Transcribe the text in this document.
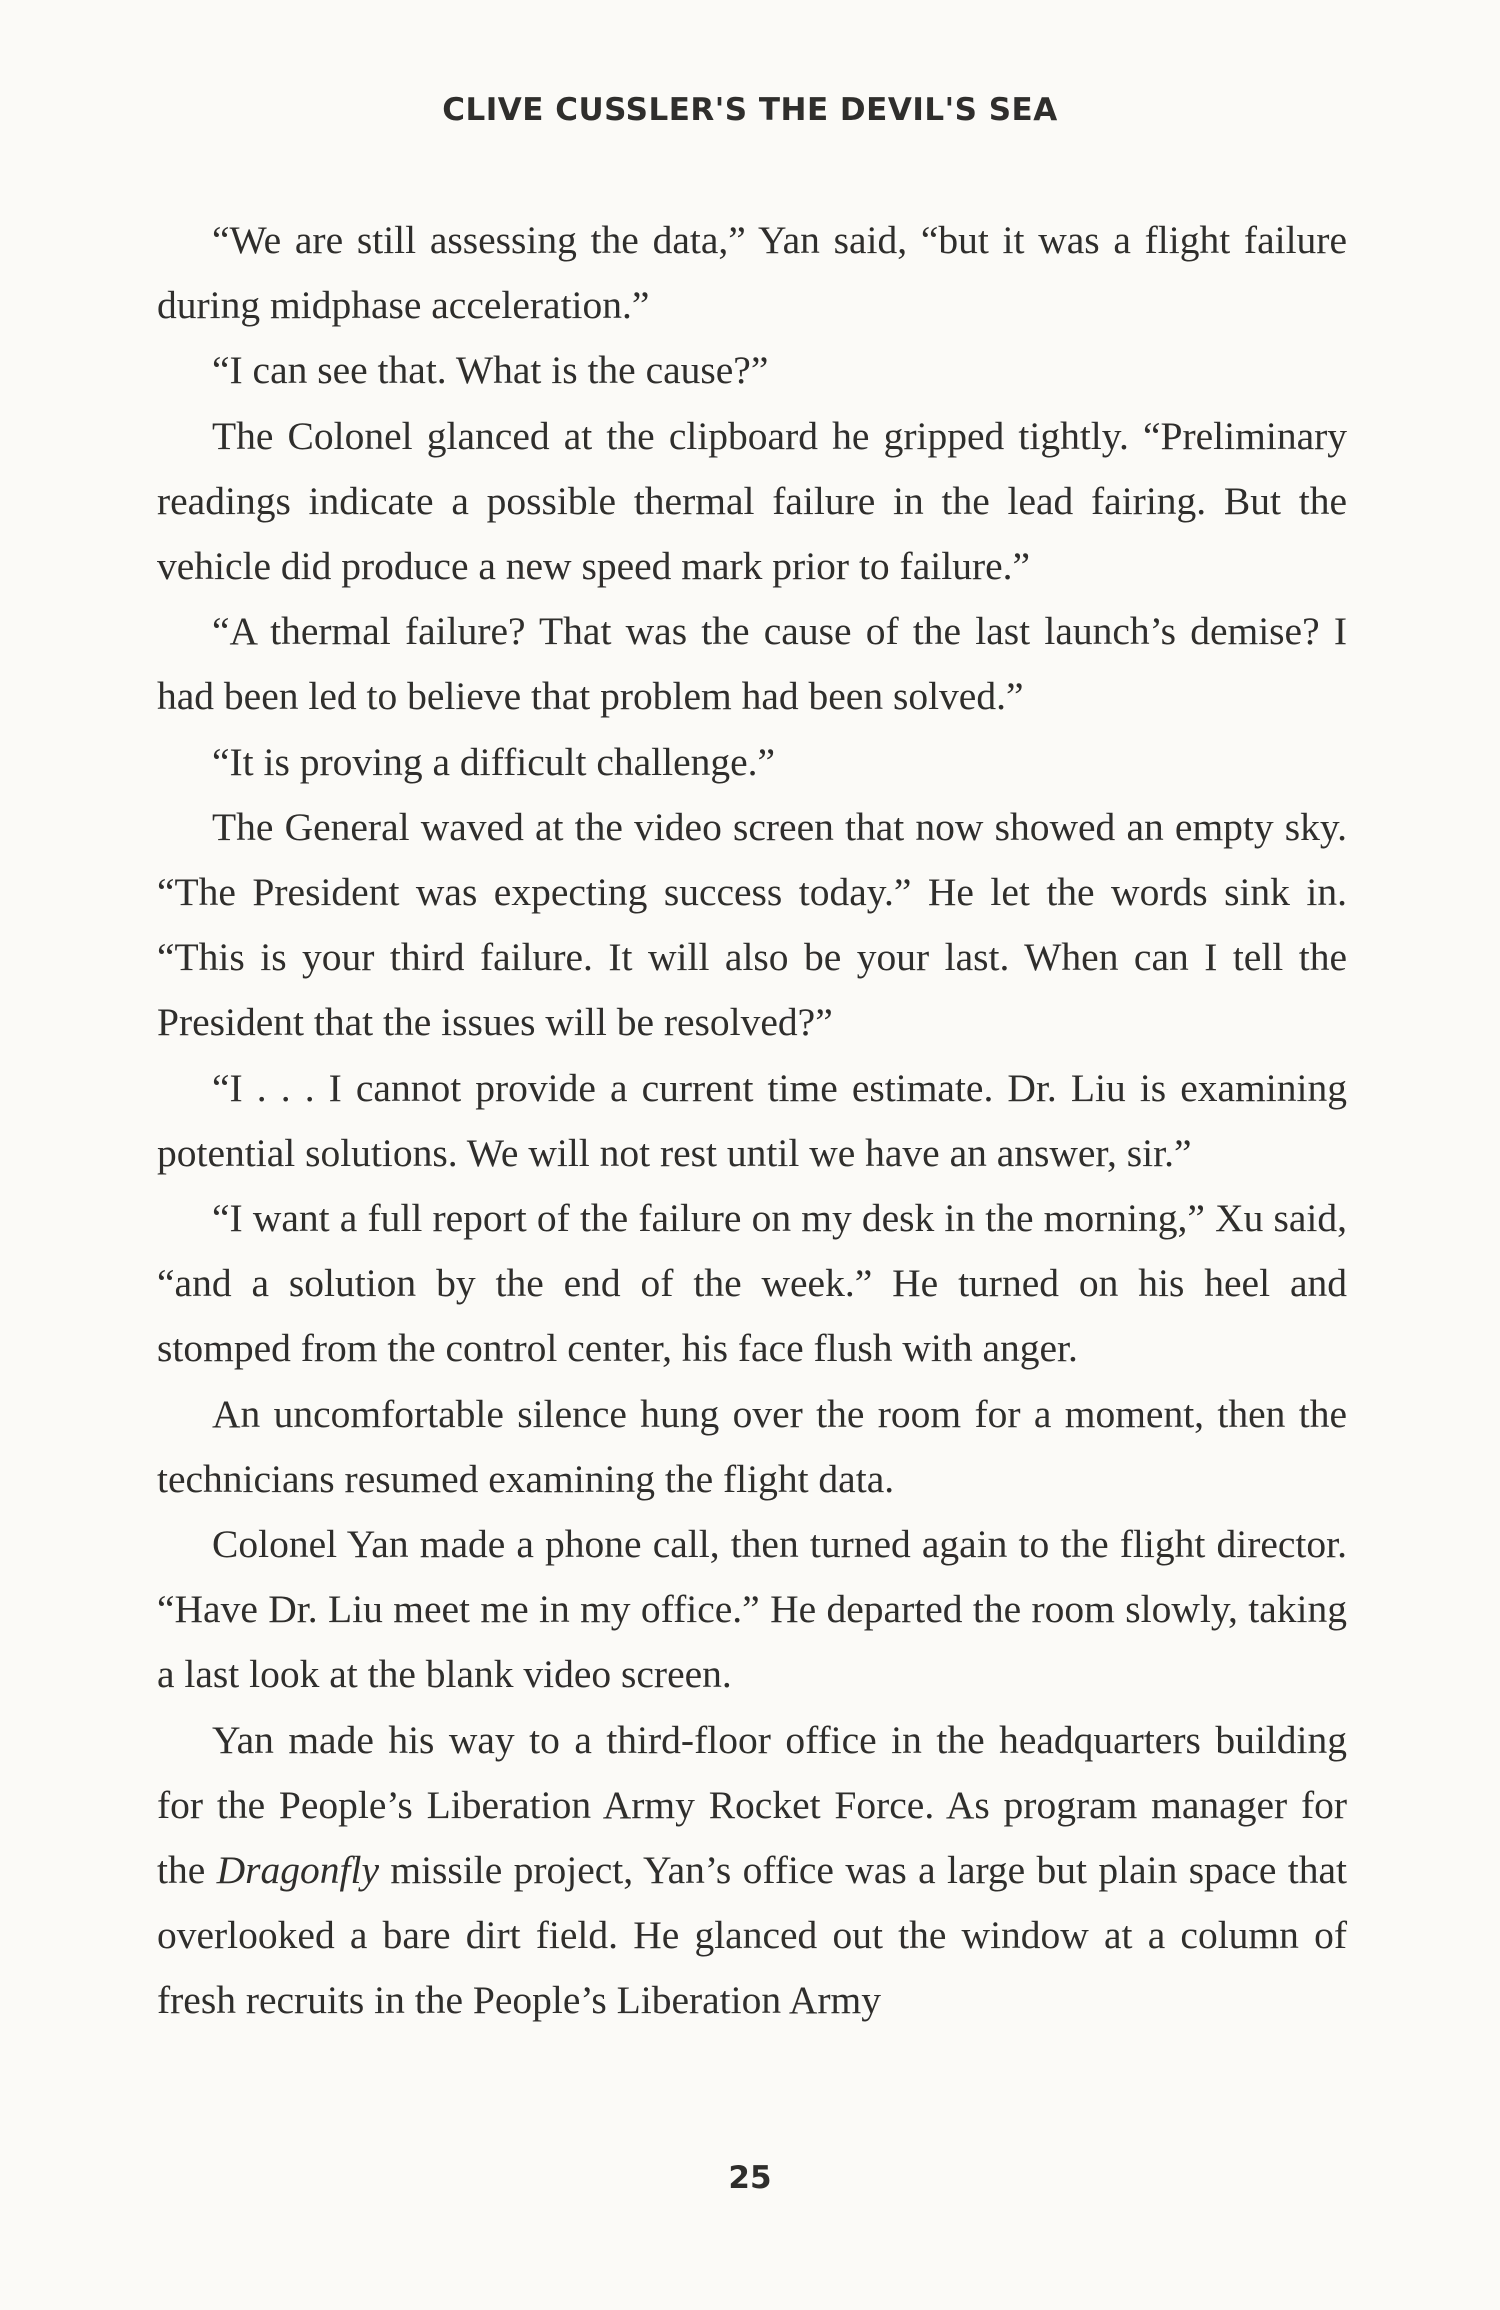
CLIVE CUSSLER'S THE DEVIL'S SEA

“We are still assessing the data,” Yan said, “but it was a flight failure during midphase acceleration.”

“I can see that. What is the cause?”

The Colonel glanced at the clipboard he gripped tightly. “Preliminary readings indicate a possible thermal failure in the lead fairing. But the vehicle did produce a new speed mark prior to failure.”

“A thermal failure? That was the cause of the last launch’s demise? I had been led to believe that problem had been solved.”

“It is proving a difficult challenge.”

The General waved at the video screen that now showed an empty sky. “The President was expecting success today.” He let the words sink in. “This is your third failure. It will also be your last. When can I tell the President that the issues will be resolved?”

“I . . . I cannot provide a current time estimate. Dr. Liu is examining potential solutions. We will not rest until we have an answer, sir.”

“I want a full report of the failure on my desk in the morning,” Xu said, “and a solution by the end of the week.” He turned on his heel and stomped from the control center, his face flush with anger.

An uncomfortable silence hung over the room for a moment, then the technicians resumed examining the flight data.

Colonel Yan made a phone call, then turned again to the flight director. “Have Dr. Liu meet me in my office.” He departed the room slowly, taking a last look at the blank video screen.

Yan made his way to a third-floor office in the headquarters building for the People’s Liberation Army Rocket Force. As program manager for the Dragonfly missile project, Yan’s office was a large but plain space that overlooked a bare dirt field. He glanced out the window at a column of fresh recruits in the People’s Liberation Army

25
